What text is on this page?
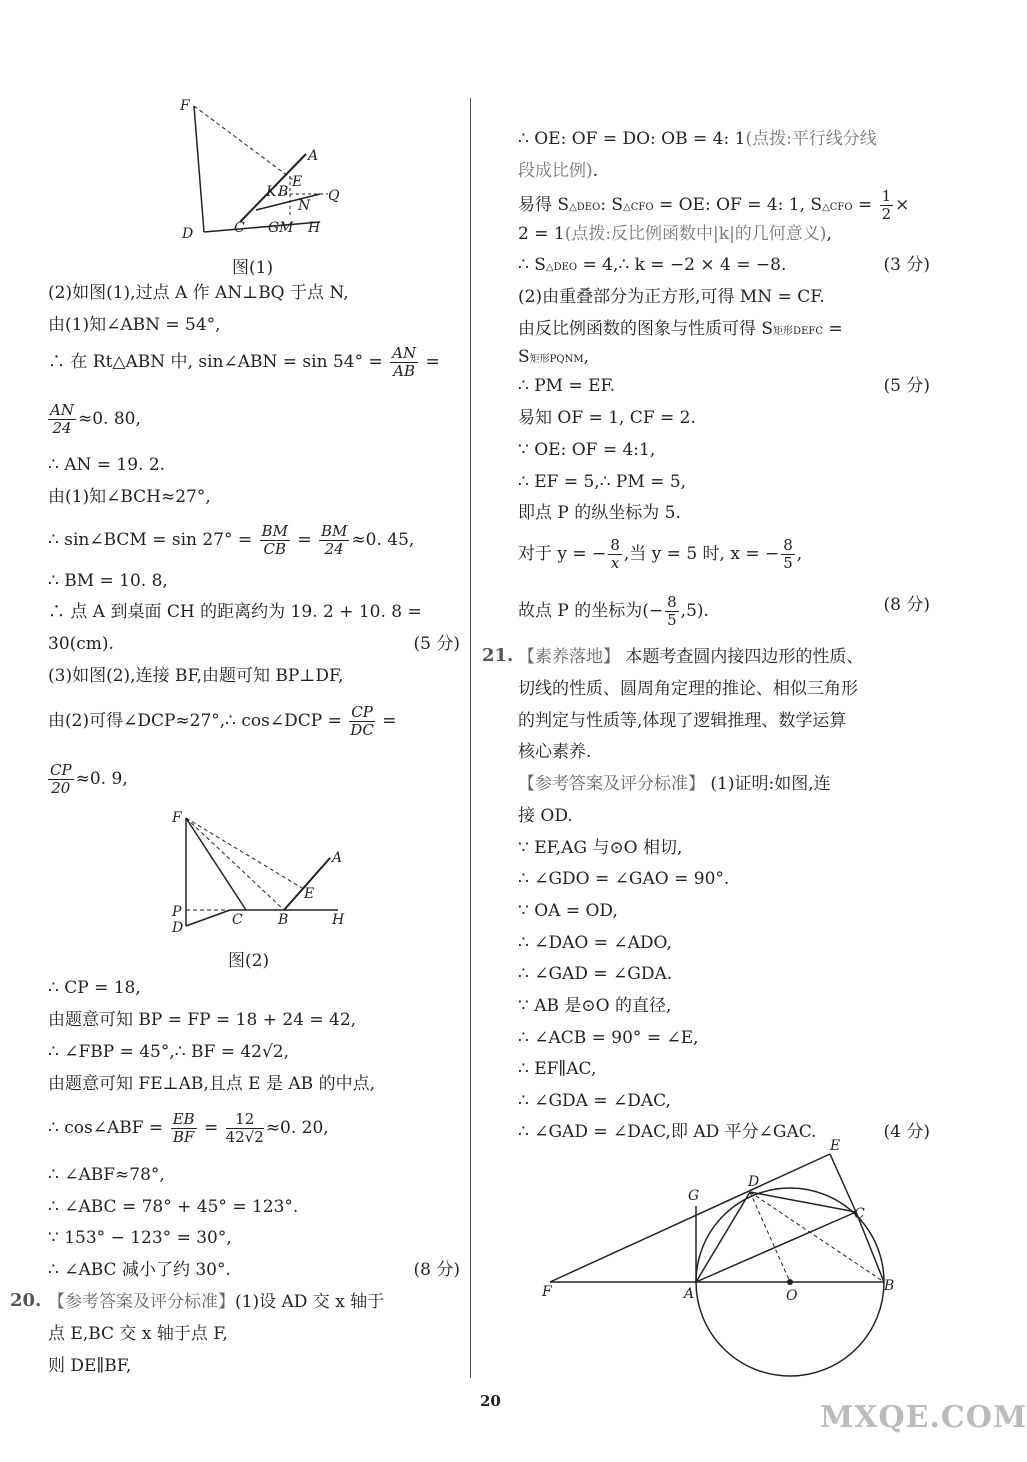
F
A
E
K B	Q
N
D	C GM H
图(1)
(2)如图(1),过点 A 作 AN⊥BQ 于点 N,
由(1)知∠ABN = 54°,
∴ 在 Rt△ABN 中, sin∠ABN = $\sin 54^\circ = \frac{AN}{AB}$ =
$\frac{AN}{24} \approx 0$. 80,
∴ AN = 19. 2.
由(1)知∠BCH≈27°,
∴ sin∠BCM = $\sin 27^\circ = \frac{BM}{CB} = \frac{BM}{24} \approx 0$. 45,
∴ BM = 10. 8,
∴ 点 A 到桌面 CH 的距离约为 19. 2 + 10. 8 =
30(cm).	(5 分)
(3)如图(2),连接 BF,由题可知 BP⊥DF,
由(2)可得∠DCP≈27°,∴ cos∠DCP = $\frac{CP}{DC}$ =
$\frac{CP}{20} \approx 0$. 9,
F
A
E
P
D	C	B	H
图(2)
∴ CP = 18,
由题意可知 BP = FP = 18 + 24 = 42,
∴ ∠FBP = 45°,∴ BF = 42√2,
由题意可知 FE⊥AB,且点 E 是 AB 的中点,
∴ cos∠ABF = $\frac{EB}{BF} = \frac{12}{42√2} \approx 0$. 20,
∴ ∠ABF≈78°,
∴ ∠ABC = 78° + 45° = 123°.
∵ 153° − 123° = 30°,
∴ ∠ABC 减小了约 30°.	(8 分)
20. 【参考答案及评分标准】(1)设 AD 交 x 轴于
点 E,BC 交 x 轴于点 F,
则 DE∥BF,
∴ OE: OF = DO: OB = 4: 1(点拨:平行线分线
段成比例).
易得 S△DEO: S△CFO = OE: OF = 4: 1, S△CFO = $\frac{1}{2}$ ×
2 = 1(点拨:反比例函数中|k|的几何意义),
∴ S△DEO = 4,∴ k = −2 × 4 = −8.	(3 分)
(2)由重叠部分为正方形,可得 MN = CF.
由反比例函数的图象与性质可得 S矩形DEFC =
S矩形PQNM,
∴ PM = EF.	(5 分)
易知 OF = 1, CF = 2.
∵ OE: OF = 4:1,
∴ EF = 5,∴ PM = 5,
即点 P 的纵坐标为 5.
对于 y = − $\frac{8}{x}$ ,当 y = 5 时, x = − $\frac{8}{5}$ ,
故点 P 的坐标为(− $\frac{8}{5} ,5$).	(8 分)
21. 【素养落地】 本题考查圆内接四边形的性质、
切线的性质、圆周角定理的推论、相似三角形
的判定与性质等,体现了逻辑推理、数学运算
核心素养.
【参考答案及评分标准】 (1)证明:如图,连
接 OD.
∵ EF,AG 与⊙O 相切,
∴ ∠GDO = ∠GAO = 90°.
∵ OA = OD,
∴ ∠DAO = ∠ADO,
∴ ∠GAD = ∠GDA.
∵ AB 是⊙O 的直径,
∴ ∠ACB = 90° = ∠E,
∴ EF∥AC,
∴ ∠GDA = ∠DAC,
∴ ∠GAD = ∠DAC,即 AD 平分∠GAC.	(4 分)
E
D
G
C
F	A	O
B
20	MXQE.COM
